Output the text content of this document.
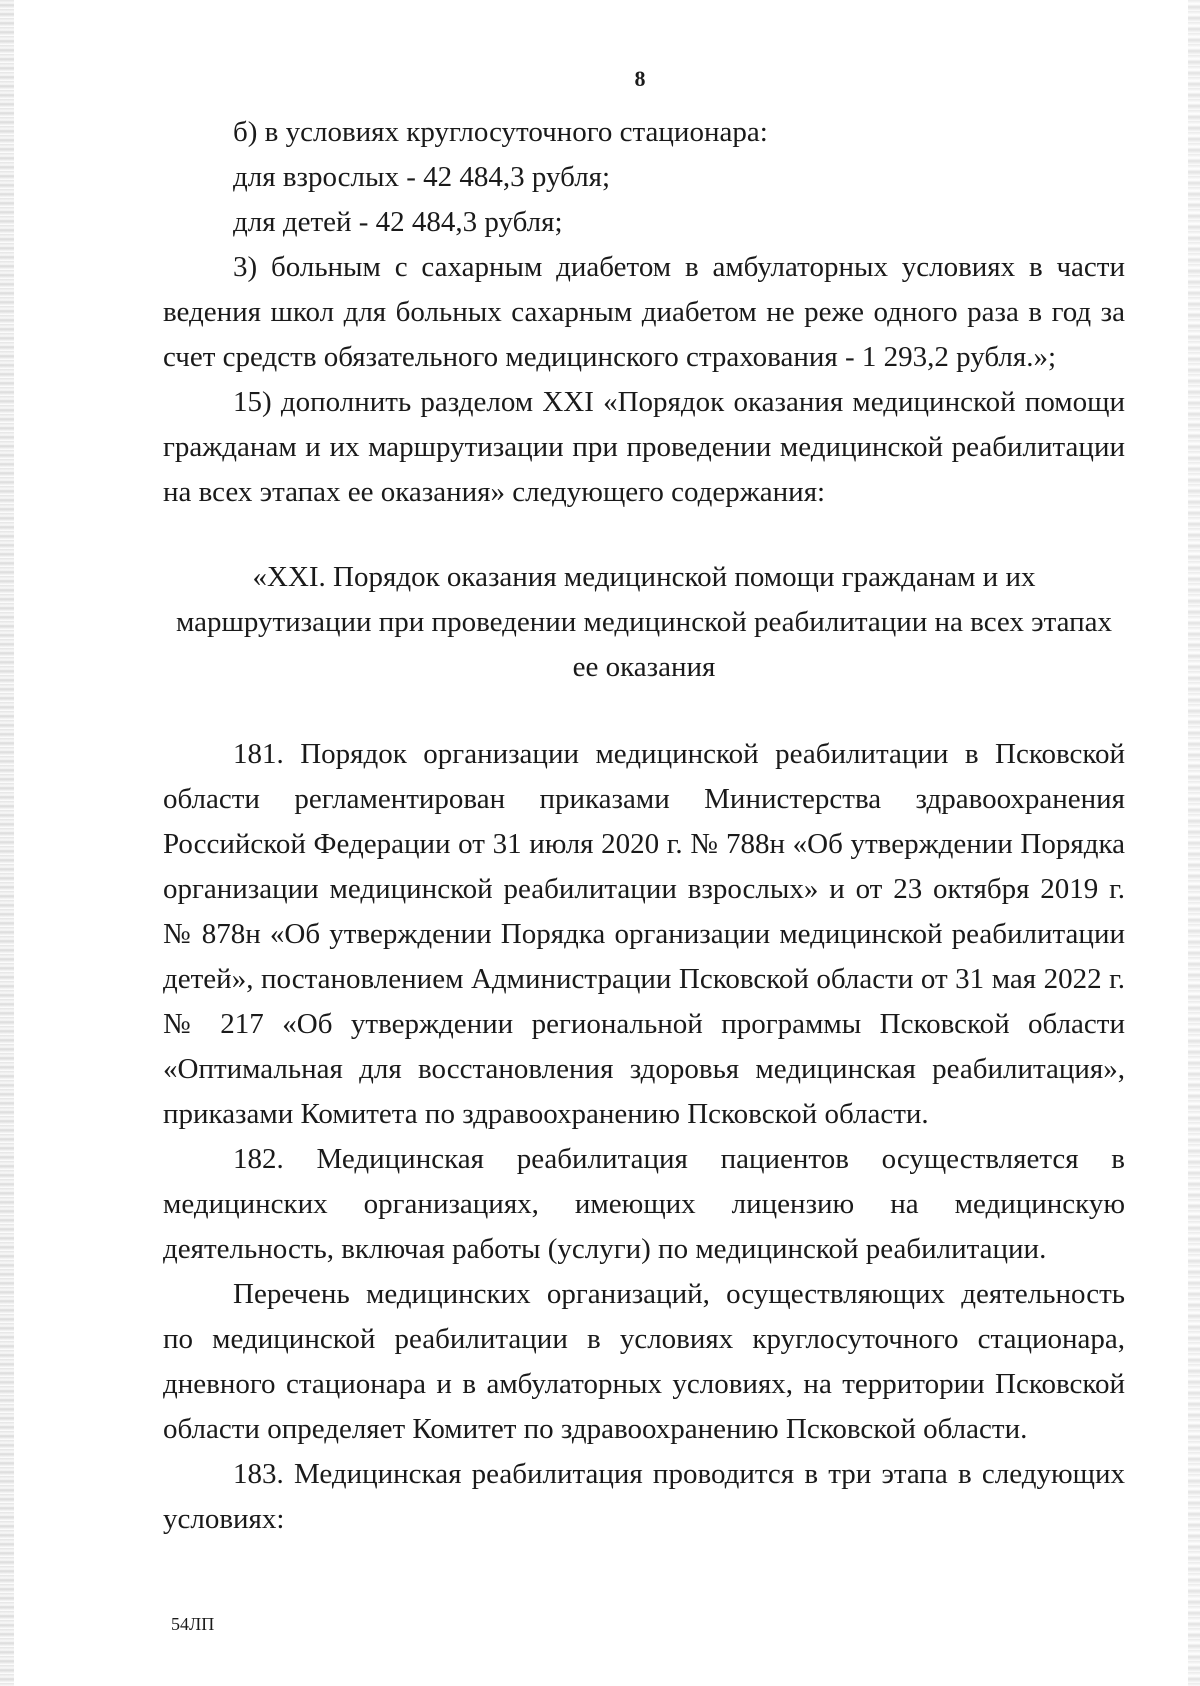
8

б) в условиях круглосуточного стационара:

для взрослых - 42 484,3 рубля;

для детей - 42 484,3 рубля;

3) больным с сахарным диабетом в амбулаторных условиях в части ведения школ для больных сахарным диабетом не реже одного раза в год за счет средств обязательного медицинского страхования - 1 293,2 рубля.»;

15) дополнить разделом XXI «Порядок оказания медицинской помощи гражданам и их маршрутизации при проведении медицинской реабилитации на всех этапах ее оказания» следующего содержания:

«XXI. Порядок оказания медицинской помощи гражданам и их маршрутизации при проведении медицинской реабилитации на всех этапах ее оказания

181. Порядок организации медицинской реабилитации в Псковской области регламентирован приказами Министерства здравоохранения Российской Федерации от 31 июля 2020 г. № 788н «Об утверждении Порядка организации медицинской реабилитации взрослых» и от 23 октября 2019 г. № 878н «Об утверждении Порядка организации медицинской реабилитации детей», постановлением Администрации Псковской области от 31 мая 2022 г. № 217 «Об утверждении региональной программы Псковской области «Оптимальная для восстановления здоровья медицинская реабилитация», приказами Комитета по здравоохранению Псковской области.

182. Медицинская реабилитация пациентов осуществляется в медицинских организациях, имеющих лицензию на медицинскую деятельность, включая работы (услуги) по медицинской реабилитации.

Перечень медицинских организаций, осуществляющих деятельность по медицинской реабилитации в условиях круглосуточного стационара, дневного стационара и в амбулаторных условиях, на территории Псковской области определяет Комитет по здравоохранению Псковской области.

183. Медицинская реабилитация проводится в три этапа в следующих условиях:

54ЛП
